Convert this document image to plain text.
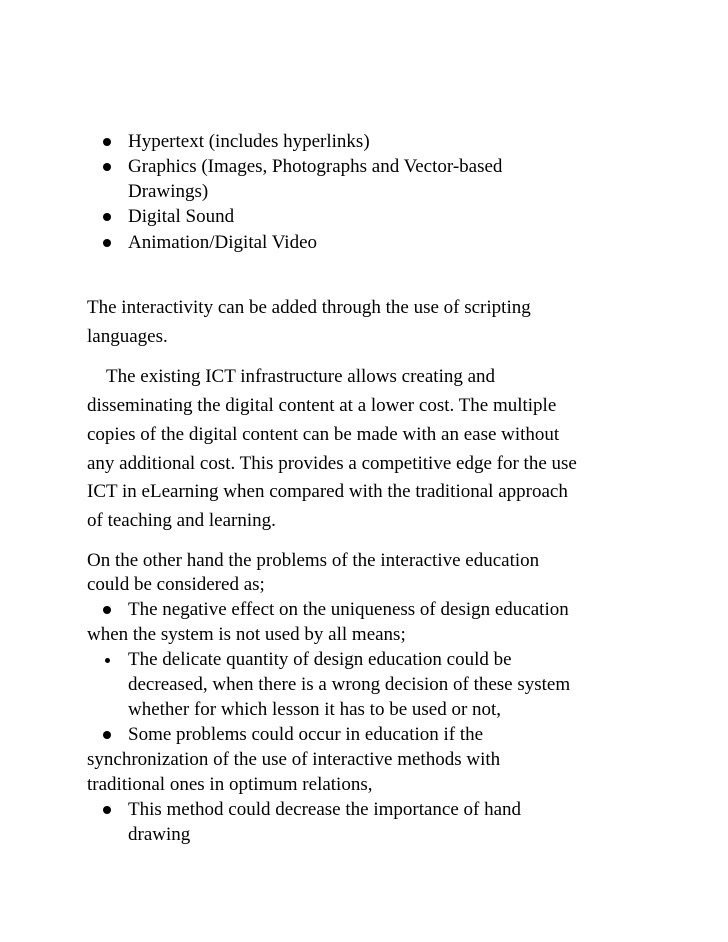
Hypertext (includes hyperlinks)
Graphics (Images, Photographs and Vector-based
Drawings)
Digital Sound
Animation/Digital Video
The interactivity can be added through the use of scripting
languages.
The existing ICT infrastructure allows creating and
disseminating the digital content at a lower cost. The multiple
copies of the digital content can be made with an ease without
any additional cost. This provides a competitive edge for the use
ICT in eLearning when compared with the traditional approach
of teaching and learning.
On the other hand the problems of the interactive education
could be considered as;
The negative effect on the uniqueness of design education
when the system is not used by all means;
The delicate quantity of design education could be
decreased, when there is a wrong decision of these system
whether for which lesson it has to be used or not,
Some problems could occur in education if the
synchronization of the use of interactive methods with
traditional ones in optimum relations,
This method could decrease the importance of hand
drawing
